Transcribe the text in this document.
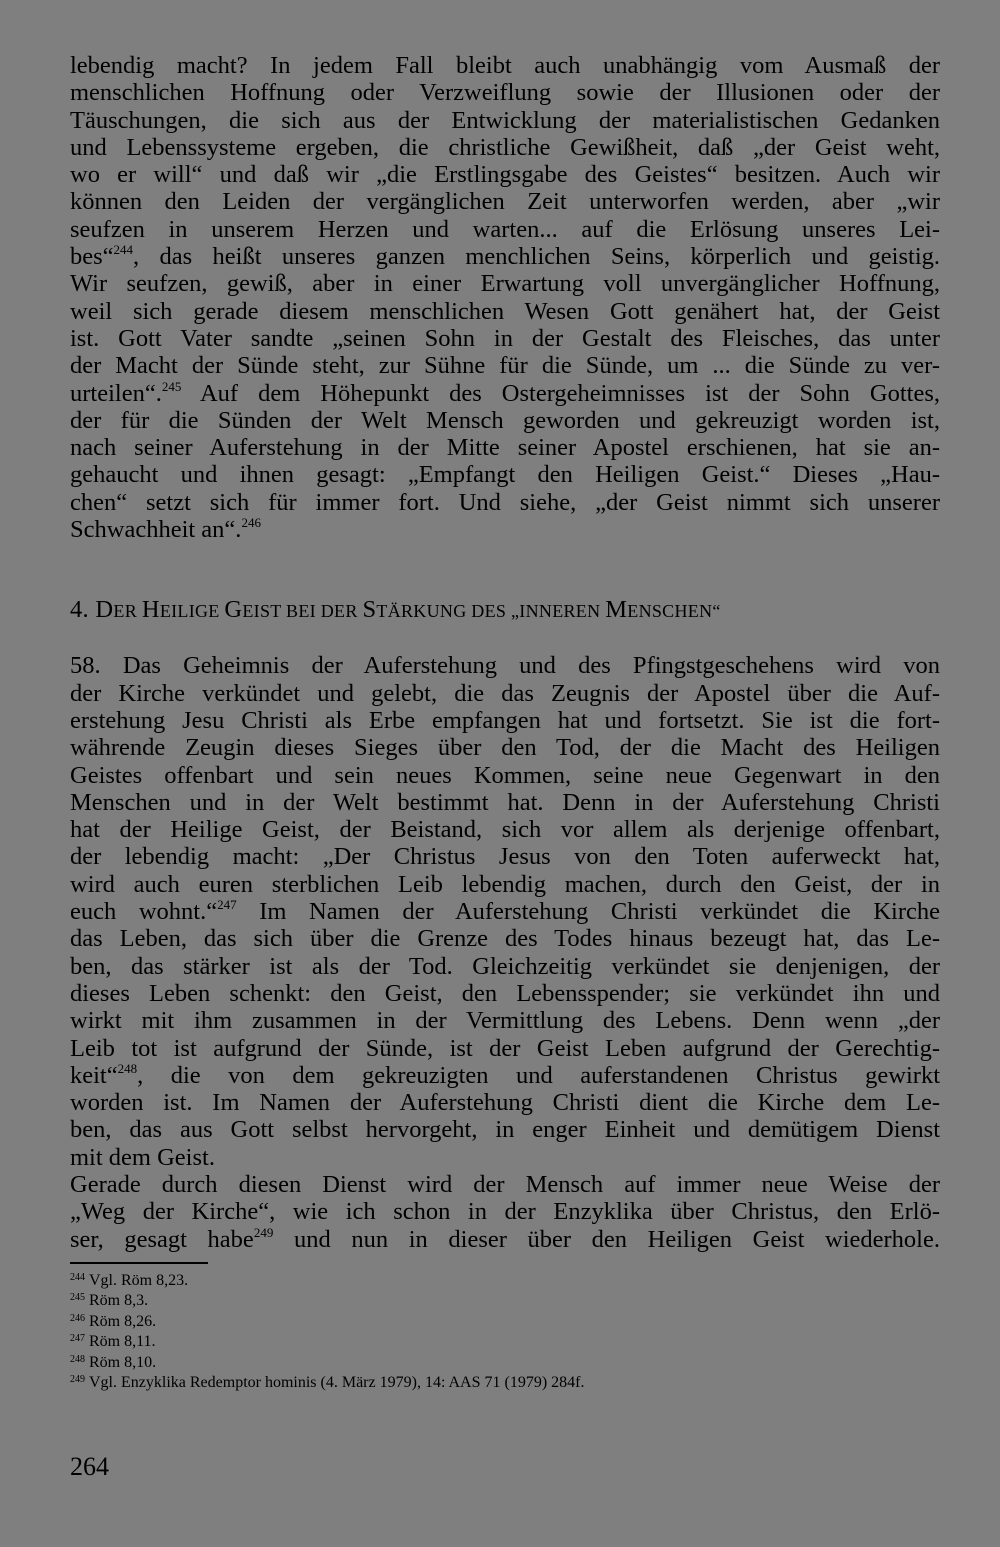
lebendig macht? In jedem Fall bleibt auch unabhängig vom Ausmaß der
menschlichen Hoffnung oder Verzweiflung sowie der Illusionen oder der
Täuschungen, die sich aus der Entwicklung der materialistischen Gedanken
und Lebenssysteme ergeben, die christliche Gewißheit, daß „der Geist weht,
wo er will“ und daß wir „die Erstlingsgabe des Geistes“ besitzen. Auch wir
können den Leiden der vergänglichen Zeit unterworfen werden, aber „wir
seufzen in unserem Herzen und warten... auf die Erlösung unseres Lei-
bes“$^{244}$, das heißt unseres ganzen menchlichen Seins, körperlich und geistig.
Wir seufzen, gewiß, aber in einer Erwartung voll unvergänglicher Hoffnung,
weil sich gerade diesem menschlichen Wesen Gott genähert hat, der Geist
ist. Gott Vater sandte „seinen Sohn in der Gestalt des Fleisches, das unter
der Macht der Sünde steht, zur Sühne für die Sünde, um ... die Sünde zu ver-
urteilen“.$^{245}$ Auf dem Höhepunkt des Ostergeheimnisses ist der Sohn Gottes,
der für die Sünden der Welt Mensch geworden und gekreuzigt worden ist,
nach seiner Auferstehung in der Mitte seiner Apostel erschienen, hat sie an-
gehaucht und ihnen gesagt: „Empfangt den Heiligen Geist.“ Dieses „Hau-
chen“ setzt sich für immer fort. Und siehe, „der Geist nimmt sich unserer
Schwachheit an“.$^{246}$
4. DER HEILIGE GEIST BEI DER STÄRKUNG DES „INNEREN MENSCHEN“
58. Das Geheimnis der Auferstehung und des Pfingstgeschehens wird von
der Kirche verkündet und gelebt, die das Zeugnis der Apostel über die Auf-
erstehung Jesu Christi als Erbe empfangen hat und fortsetzt. Sie ist die fort-
währende Zeugin dieses Sieges über den Tod, der die Macht des Heiligen
Geistes offenbart und sein neues Kommen, seine neue Gegenwart in den
Menschen und in der Welt bestimmt hat. Denn in der Auferstehung Christi
hat der Heilige Geist, der Beistand, sich vor allem als derjenige offenbart,
der lebendig macht: „Der Christus Jesus von den Toten auferweckt hat,
wird auch euren sterblichen Leib lebendig machen, durch den Geist, der in
euch wohnt.“$^{247}$ Im Namen der Auferstehung Christi verkündet die Kirche
das Leben, das sich über die Grenze des Todes hinaus bezeugt hat, das Le-
ben, das stärker ist als der Tod. Gleichzeitig verkündet sie denjenigen, der
dieses Leben schenkt: den Geist, den Lebensspender; sie verkündet ihn und
wirkt mit ihm zusammen in der Vermittlung des Lebens. Denn wenn „der
Leib tot ist aufgrund der Sünde, ist der Geist Leben aufgrund der Gerechtig-
keit“$^{248}$, die von dem gekreuzigten und auferstandenen Christus gewirkt
worden ist. Im Namen der Auferstehung Christi dient die Kirche dem Le-
ben, das aus Gott selbst hervorgeht, in enger Einheit und demütigem Dienst
mit dem Geist.
Gerade durch diesen Dienst wird der Mensch auf immer neue Weise der
„Weg der Kirche“, wie ich schon in der Enzyklika über Christus, den Erlö-
ser, gesagt habe$^{249}$ und nun in dieser über den Heiligen Geist wiederhole.
$^{244}$ Vgl. Röm 8,23.
$^{245}$ Röm 8,3.
$^{246}$ Röm 8,26.
$^{247}$ Röm 8,11.
$^{248}$ Röm 8,10.
$^{249}$ Vgl. Enzyklika Redemptor hominis (4. März 1979), 14: AAS 71 (1979) 284f.
264
